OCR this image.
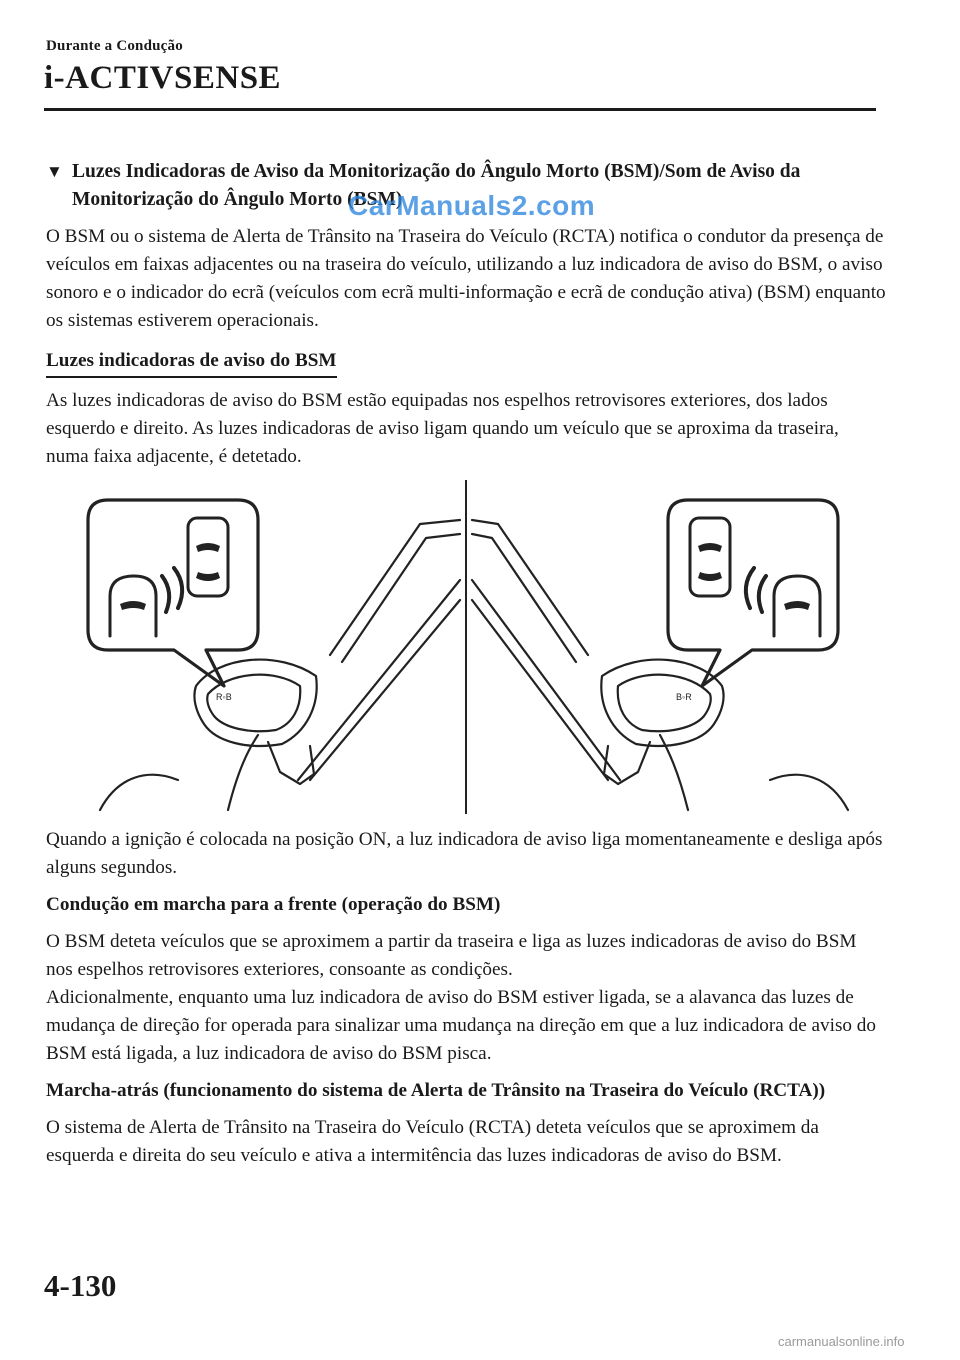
Durante a Condução
i-ACTIVSENSE
▼ Luzes Indicadoras de Aviso da Monitorização do Ângulo Morto (BSM)/Som de Aviso da Monitorização do Ângulo Morto (BSM)

O BSM ou o sistema de Alerta de Trânsito na Traseira do Veículo (RCTA) notifica o condutor da presença de veículos em faixas adjacentes ou na traseira do veículo, utilizando a luz indicadora de aviso do BSM, o aviso sonoro e o indicador do ecrã (veículos com ecrã multi-informação e ecrã de condução ativa) (BSM) enquanto os sistemas estiverem operacionais.

Luzes indicadoras de aviso do BSM

As luzes indicadoras de aviso do BSM estão equipadas nos espelhos retrovisores exteriores, dos lados esquerdo e direito. As luzes indicadoras de aviso ligam quando um veículo que se aproxima da traseira, numa faixa adjacente, é detetado.

R◦B	B◦R

Quando a ignição é colocada na posição ON, a luz indicadora de aviso liga momentaneamente e desliga após alguns segundos.

Condução em marcha para a frente (operação do BSM)

O BSM deteta veículos que se aproximem a partir da traseira e liga as luzes indicadoras de aviso do BSM nos espelhos retrovisores exteriores, consoante as condições.

Adicionalmente, enquanto uma luz indicadora de aviso do BSM estiver ligada, se a alavanca das luzes de mudança de direção for operada para sinalizar uma mudança na direção em que a luz indicadora de aviso do BSM está ligada, a luz indicadora de aviso do BSM pisca.

Marcha-atrás (funcionamento do sistema de Alerta de Trânsito na Traseira do Veículo (RCTA))

O sistema de Alerta de Trânsito na Traseira do Veículo (RCTA) deteta veículos que se aproximem da esquerda e direita do seu veículo e ativa a intermitência das luzes indicadoras de aviso do BSM.

CarManuals2.com
4-130
carmanualsonline.info
